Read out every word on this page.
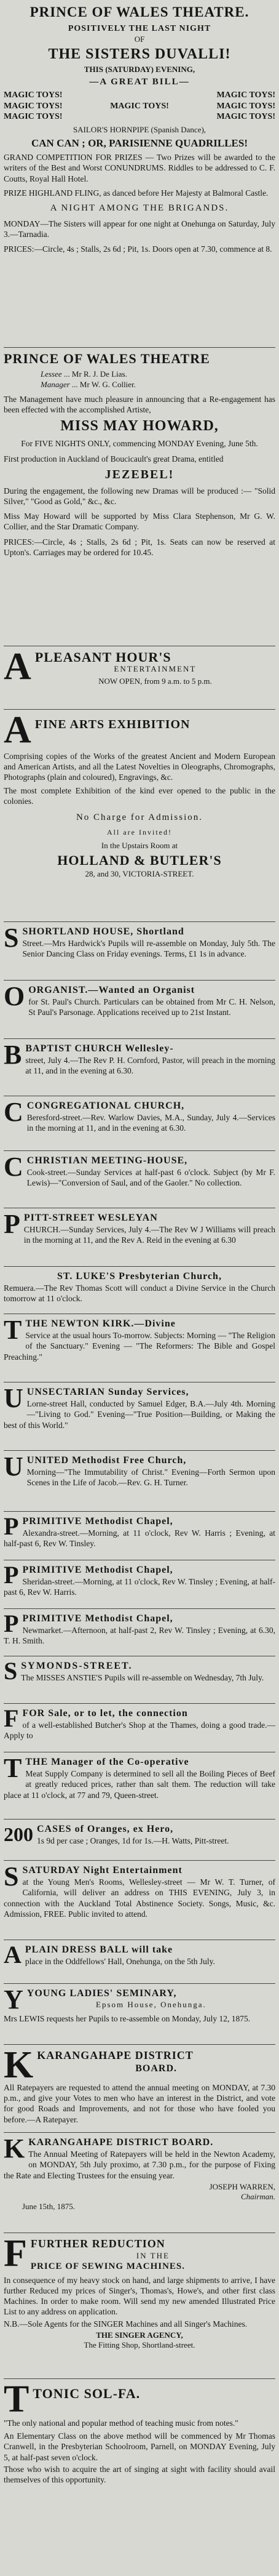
PRINCE OF WALES THEATRE.
POSITIVELY THE LAST NIGHT
OF
THE SISTERS DUVALLI!
THIS (SATURDAY) EVENING,
—A GREAT BILL—
MAGIC TOYS!
MAGIC TOYS!
MAGIC TOYS!
MAGIC TOYS!
MAGIC TOYS!
MAGIC TOYS!
MAGIC TOYS!
SAILOR'S HORNPIPE (Spanish Dance),
CAN CAN ; OR, PARISIENNE QUADRILLES!

GRAND COMPETITION FOR PRIZES — Two Prizes will be awarded to the writers of the Best and Worst CONUNDRUMS. Riddles to be addressed to C. F. Coutts, Royal Hall Hotel.

PRIZE HIGHLAND FLING, as danced before Her Majesty at Balmoral Castle.

A NIGHT AMONG THE BRIGANDS.

MONDAY—The Sisters will appear for one night at Onehunga on Saturday, July 3.—Tarnadia.

PRICES:—Circle, 4s ; Stalls, 2s 6d ; Pit, 1s. Doors open at 7.30, commence at 8.

PRINCE OF WALES THEATRE
Lessee ... Mr R. J. De Lias.
Manager ... Mr W. G. Collier.

The Management have much pleasure in announcing that a Re-engagement has been effected with the accomplished Artiste,

MISS MAY HOWARD,

For FIVE NIGHTS ONLY, commencing MONDAY Evening, June 5th.

First production in Auckland of Boucicault's great Drama, entitled

JEZEBEL!

During the engagement, the following new Dramas will be produced :— "Solid Silver," "Good as Gold," &c., &c.

Miss May Howard will be supported by Miss Clara Stephenson, Mr G. W. Collier, and the Star Dramatic Company.

PRICES:—Circle, 4s ; Stalls, 2s 6d ; Pit, 1s. Seats can now be reserved at Upton's. Carriages may be ordered for 10.45.

A PLEASANT HOUR'S
ENTERTAINMENT
NOW OPEN, from 9 a.m. to 5 p.m.
A FINE ARTS EXHIBITION

Comprising copies of the Works of the greatest Ancient and Modern European and American Artists, and all the Latest Novelties in Oleographs, Chromographs, Photographs (plain and coloured), Engravings, &c.

The most complete Exhibition of the kind ever opened to the public in the colonies.

No Charge for Admission.
All are Invited!
In the Upstairs Room at
HOLLAND & BUTLER'S
28, and 30, VICTORIA-STREET.
S SHORTLAND HOUSE, Shortland

Street.—Mrs Hardwick's Pupils will re-assemble on Monday, July 5th. The Senior Dancing Class on Friday evenings. Terms, £1 1s in advance.

O ORGANIST.—Wanted an Organist

for St. Paul's Church. Particulars can be obtained from Mr C. H. Nelson, St Paul's Parsonage. Applications received up to 21st Instant.

B BAPTIST CHURCH Wellesley-

street, July 4.—The Rev P. H. Cornford, Pastor, will preach in the morning at 11, and in the evening at 6.30.

C CONGREGATIONAL CHURCH,

Beresford-street.—Rev. Warlow Davies, M.A., Sunday, July 4.—Services in the morning at 11, and in the evening at 6.30.

C CHRISTIAN MEETING-HOUSE,

Cook-street.—Sunday Services at half-past 6 o'clock. Subject (by Mr F. Lewis)—"Conversion of Saul, and of the Gaoler." No collection.

P PITT-STREET WESLEYAN

CHURCH.—Sunday Services, July 4.—The Rev W J Williams will preach in the morning at 11, and the Rev A. Reid in the evening at 6.30

ST. LUKE'S Presbyterian Church,

Remuera.—The Rev Thomas Scott will conduct a Divine Service in the Church tomorrow at 11 o'clock.

T THE NEWTON KIRK.—Divine

Service at the usual hours To-morrow. Subjects: Morning — "The Religion of the Sanctuary." Evening — "The Reformers: The Bible and Gospel Preaching."

U UNSECTARIAN Sunday Services,

Lorne-street Hall, conducted by Samuel Edger, B.A.—July 4th. Morning—"Living to God." Evening—"True Position—Building, or Making the best of this World."

U UNITED Methodist Free Church,

Morning—"The Immutability of Christ." Evening—Forth Sermon upon Scenes in the Life of Jacob.—Rev. G. H. Turner.

P PRIMITIVE Methodist Chapel,

Alexandra-street.—Morning, at 11 o'clock, Rev W. Harris ; Evening, at half-past 6, Rev W. Tinsley.

P PRIMITIVE Methodist Chapel,

Sheridan-street.—Morning, at 11 o'clock, Rev W. Tinsley ; Evening, at half-past 6, Rev W. Harris.

P PRIMITIVE Methodist Chapel,

Newmarket.—Afternoon, at half-past 2, Rev W. Tinsley ; Evening, at 6.30, T. H. Smith.

S SYMONDS-STREET.

The MISSES ANSTIE'S Pupils will re-assemble on Wednesday, 7th July.

F FOR Sale, or to let, the connection

of a well-established Butcher's Shop at the Thames, doing a good trade.—Apply to

T THE Manager of the Co-operative

Meat Supply Company is determined to sell all the Boiling Pieces of Beef at greatly reduced prices, rather than salt them. The reduction will take place at 11 o'clock, at 77 and 79, Queen-street.

200 CASES of Oranges, ex Hero,

1s 9d per case ; Oranges, 1d for 1s.—H. Watts, Pitt-street.

S SATURDAY Night Entertainment

at the Young Men's Rooms, Wellesley-street — Mr W. T. Turner, of California, will deliver an address on THIS EVENING, July 3, in connection with the Auckland Total Abstinence Society. Songs, Music, &c. Admission, FREE. Public invited to attend.

A PLAIN DRESS BALL will take

place in the Oddfellows' Hall, Onehunga, on the 5th July.

Y YOUNG LADIES' SEMINARY,
Epsom House, Onehunga.

Mrs LEWIS requests her Pupils to re-assemble on Monday, July 12, 1875.

K KARANGAHAPE DISTRICT
BOARD.

All Ratepayers are requested to attend the annual meeting on MONDAY, at 7.30 p.m., and give your Votes to men who have an interest in the District, and vote for good Roads and Improvements, and not for those who have fooled you before.—A Ratepayer.

K KARANGAHAPE DISTRICT BOARD.

The Annual Meeting of Ratepayers will be held in the Newton Academy, on MONDAY, 5th July proximo, at 7.30 p.m., for the purpose of Fixing the Rate and Electing Trustees for the ensuing year.

JOSEPH WARREN,
Chairman.
June 15th, 1875.
F FURTHER REDUCTION
IN THE
PRICE OF SEWING MACHINES.

In consequence of my heavy stock on hand, and large shipments to arrive, I have further Reduced my prices of Singer's, Thomas's, Howe's, and other first class Machines. In order to make room. Will send my new amended Illustrated Price List to any address on application.

N.B.—Sole Agents for the SINGER Machines and all Singer's Machines.

THE SINGER AGENCY,
The Fitting Shop, Shortland-street.
T TONIC SOL-FA.

"The only national and popular method of teaching music from notes."

An Elementary Class on the above method will be commenced by Mr Thomas Cranwell, in the Presbyterian Schoolroom, Parnell, on MONDAY Evening, July 5, at half-past seven o'clock.

Those who wish to acquire the art of singing at sight with facility should avail themselves of this opportunity.
